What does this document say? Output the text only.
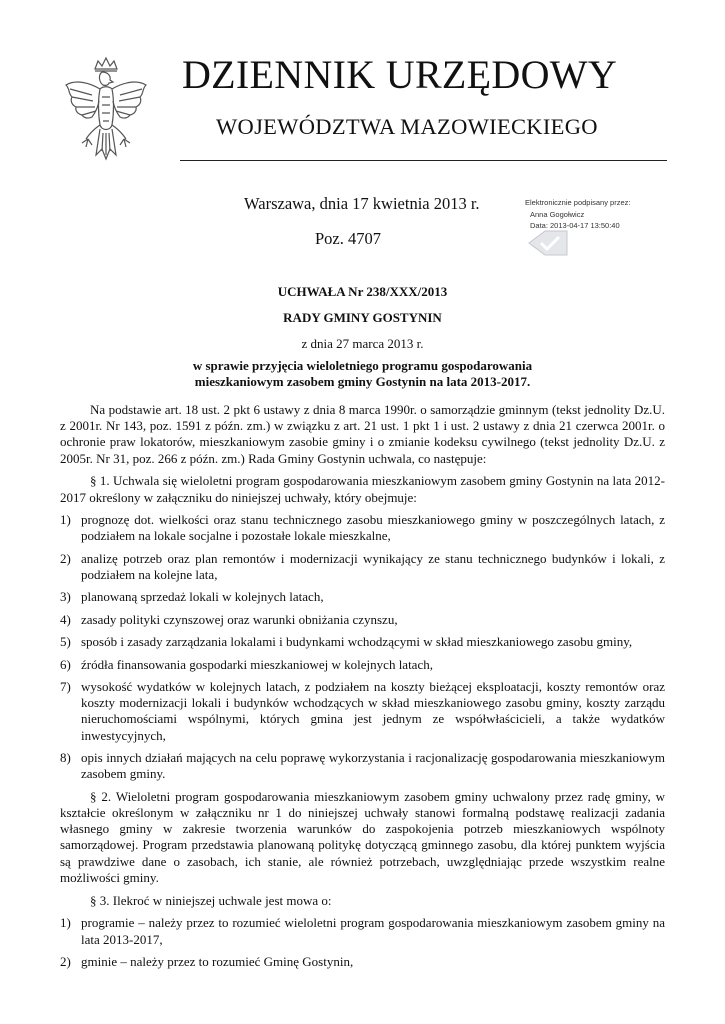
DZIENNIK URZĘDOWY
WOJEWÓDZTWA MAZOWIECKIEGO
Warszawa, dnia 17 kwietnia 2013 r.
Poz. 4707
Elektronicznie podpisany przez:
Anna Gogołwicz
Data: 2013-04-17 13:50:40
UCHWAŁA Nr 238/XXX/2013
RADY GMINY GOSTYNIN
z dnia 27 marca 2013 r.
w sprawie przyjęcia wieloletniego programu gospodarowania
mieszkaniowym zasobem gminy Gostynin na lata 2013-2017.

Na podstawie art. 18 ust. 2 pkt 6 ustawy z dnia 8 marca 1990r. o samorządzie gminnym (tekst jednolity Dz.U. z 2001r. Nr 143, poz. 1591 z późn. zm.) w związku z art. 21 ust. 1 pkt 1 i ust. 2 ustawy z dnia 21 czerwca 2001r. o ochronie praw lokatorów, mieszkaniowym zasobie gminy i o zmianie kodeksu cywilnego (tekst jednolity Dz.U. z 2005r. Nr 31, poz. 266 z późn. zm.) Rada Gminy Gostynin uchwala, co następuje:

§ 1. Uchwala się wieloletni program gospodarowania mieszkaniowym zasobem gminy Gostynin na lata 2012-2017 określony w załączniku do niniejszej uchwały, który obejmuje:

1) prognozę dot. wielkości oraz stanu technicznego zasobu mieszkaniowego gminy w poszczególnych latach, z podziałem na lokale socjalne i pozostałe lokale mieszkalne,
2) analizę potrzeb oraz plan remontów i modernizacji wynikający ze stanu technicznego budynków i lokali, z podziałem na kolejne lata,
3) planowaną sprzedaż lokali w kolejnych latach,
4) zasady polityki czynszowej oraz warunki obniżania czynszu,
5) sposób i zasady zarządzania lokalami i budynkami wchodzącymi w skład mieszkaniowego zasobu gminy,
6) źródła finansowania gospodarki mieszkaniowej w kolejnych latach,
7) wysokość wydatków w kolejnych latach, z podziałem na koszty bieżącej eksploatacji, koszty remontów oraz koszty modernizacji lokali i budynków wchodzących w skład mieszkaniowego zasobu gminy, koszty zarządu nieruchomościami wspólnymi, których gmina jest jednym ze współwłaścicieli, a także wydatków inwestycyjnych,
8) opis innych działań mających na celu poprawę wykorzystania i racjonalizację gospodarowania mieszkaniowym zasobem gminy.

§ 2. Wieloletni program gospodarowania mieszkaniowym zasobem gminy uchwalony przez radę gminy, w kształcie określonym w załączniku nr 1 do niniejszej uchwały stanowi formalną podstawę realizacji zadania własnego gminy w zakresie tworzenia warunków do zaspokojenia potrzeb mieszkaniowych wspólnoty samorządowej. Program przedstawia planowaną politykę dotyczącą gminnego zasobu, dla której punktem wyjścia są prawdziwe dane o zasobach, ich stanie, ale również potrzebach, uwzględniając przede wszystkim realne możliwości gminy.

§ 3. Ilekroć w niniejszej uchwale jest mowa o:

1) programie – należy przez to rozumieć wieloletni program gospodarowania mieszkaniowym zasobem gminy na lata 2013-2017,
2) gminie – należy przez to rozumieć Gminę Gostynin,
